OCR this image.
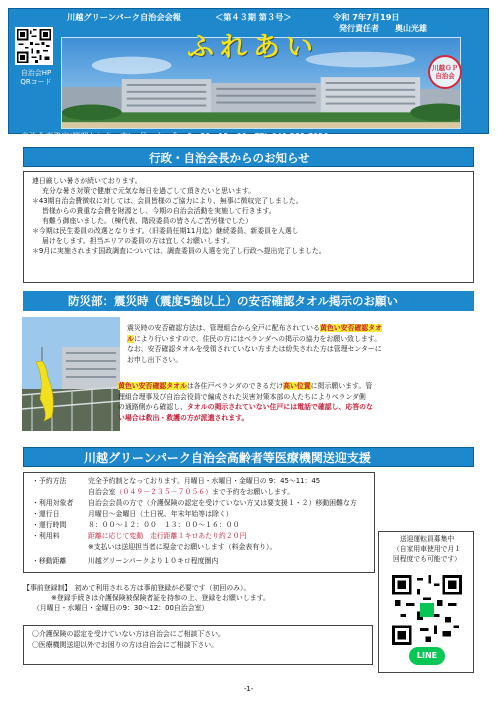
川越グリーンパーク自治会会報	＜第４３期 第３号＞	令和 7年7月19日
発行責任者　　奥山光雄
自治会HP
QRコード
ふれあい
川越ＧＰ
自治会
◆自治会事務室(管理センター内)　月・水・金　9：30～12：00　TEL 049-235-7056
行政・自治会長からのお知らせ

連日厳しい暑さが続いております。

充分な暑さ対策で健康で元気な毎日を過ごして頂きたいと思います。

＊43期自治会費徴収に対しては、会員皆様のご協力により、無事に徴収完了しました。

皆様からの貴重な会費を財源とし、今期の自治会活動を実施して行きます。

有難う御座いました。（棟代表、階段委員の皆さんご苦労様でした）

＊今期は民生委員の改選となります。（旧委員任期11月迄）継続委員、新委員を人選し

届けをします。担当エリアの委員の方は宜しくお願いします。

＊9月に実施されます国政調査については、調査委員の人選を完了し行政へ提出完了しました。

防災部：震災時（震度5強以上）の安否確認タオル掲示のお願い

震災時の安否確認方法は、管理組合から全戸に配布されている黄色い安否確認タオ

ルにより行いますので、住民の方にはベランダへの掲示の協力をお願い致します。

なお、安否確認タオルを受領されていない方または紛失された方は管理センターに

お申し出下さい。

黄色い安否確認タオルは各住戸ベランダのできるだけ高い位置に掲示願います。管

理組合理事及び自治会役員で編成された災害対策本部の人たちによりベランダ側

の通路側から確認し、タオルの掲示されていない住戸には電話で確認し、応答のな

い場合は救出・救護の方が派遣されます。

川越グリーンパーク自治会高齢者等医療機関送迎支援
・予約方法	完全予約制となっております。月曜日・水曜日・金曜日の 9：45～11：45
自治会室（０４９－２３５－７０５６）まで予約をお願いします。
・利用対象者 自治会会員の方で（介護保険の認定を受けていない方又は要支援１・２）移動困難な方
・運行日	月曜日～金曜日（土日祝、年末年始等は除く）
・運行時間	８：００～１２：００　１３：００～１６：００
・利用料	距離に応じて変動　走行距離１キロあたり約２０円
※支払いは送迎担当者に現金でお願いします（料金表有り）。
・移動距離	川越グリーンパークより１０キロ程度圏内
送迎運転員募集中
（自家用車使用で月１
回程度でも可能です）
LINE

【事前登録制】　 初めて利用される方は事前登録が必要です（初回のみ）。

※登録手続きは介護保険被保険者証を持参の上、登録をお願いします。

（月曜日・水曜日・金曜日の9：30～12：00自治会室）

〇介護保険の認定を受けていない方は自治会にご相談下さい。

〇医療機関送迎以外でお困りの方は自治会にご相談下さい。

-1-
